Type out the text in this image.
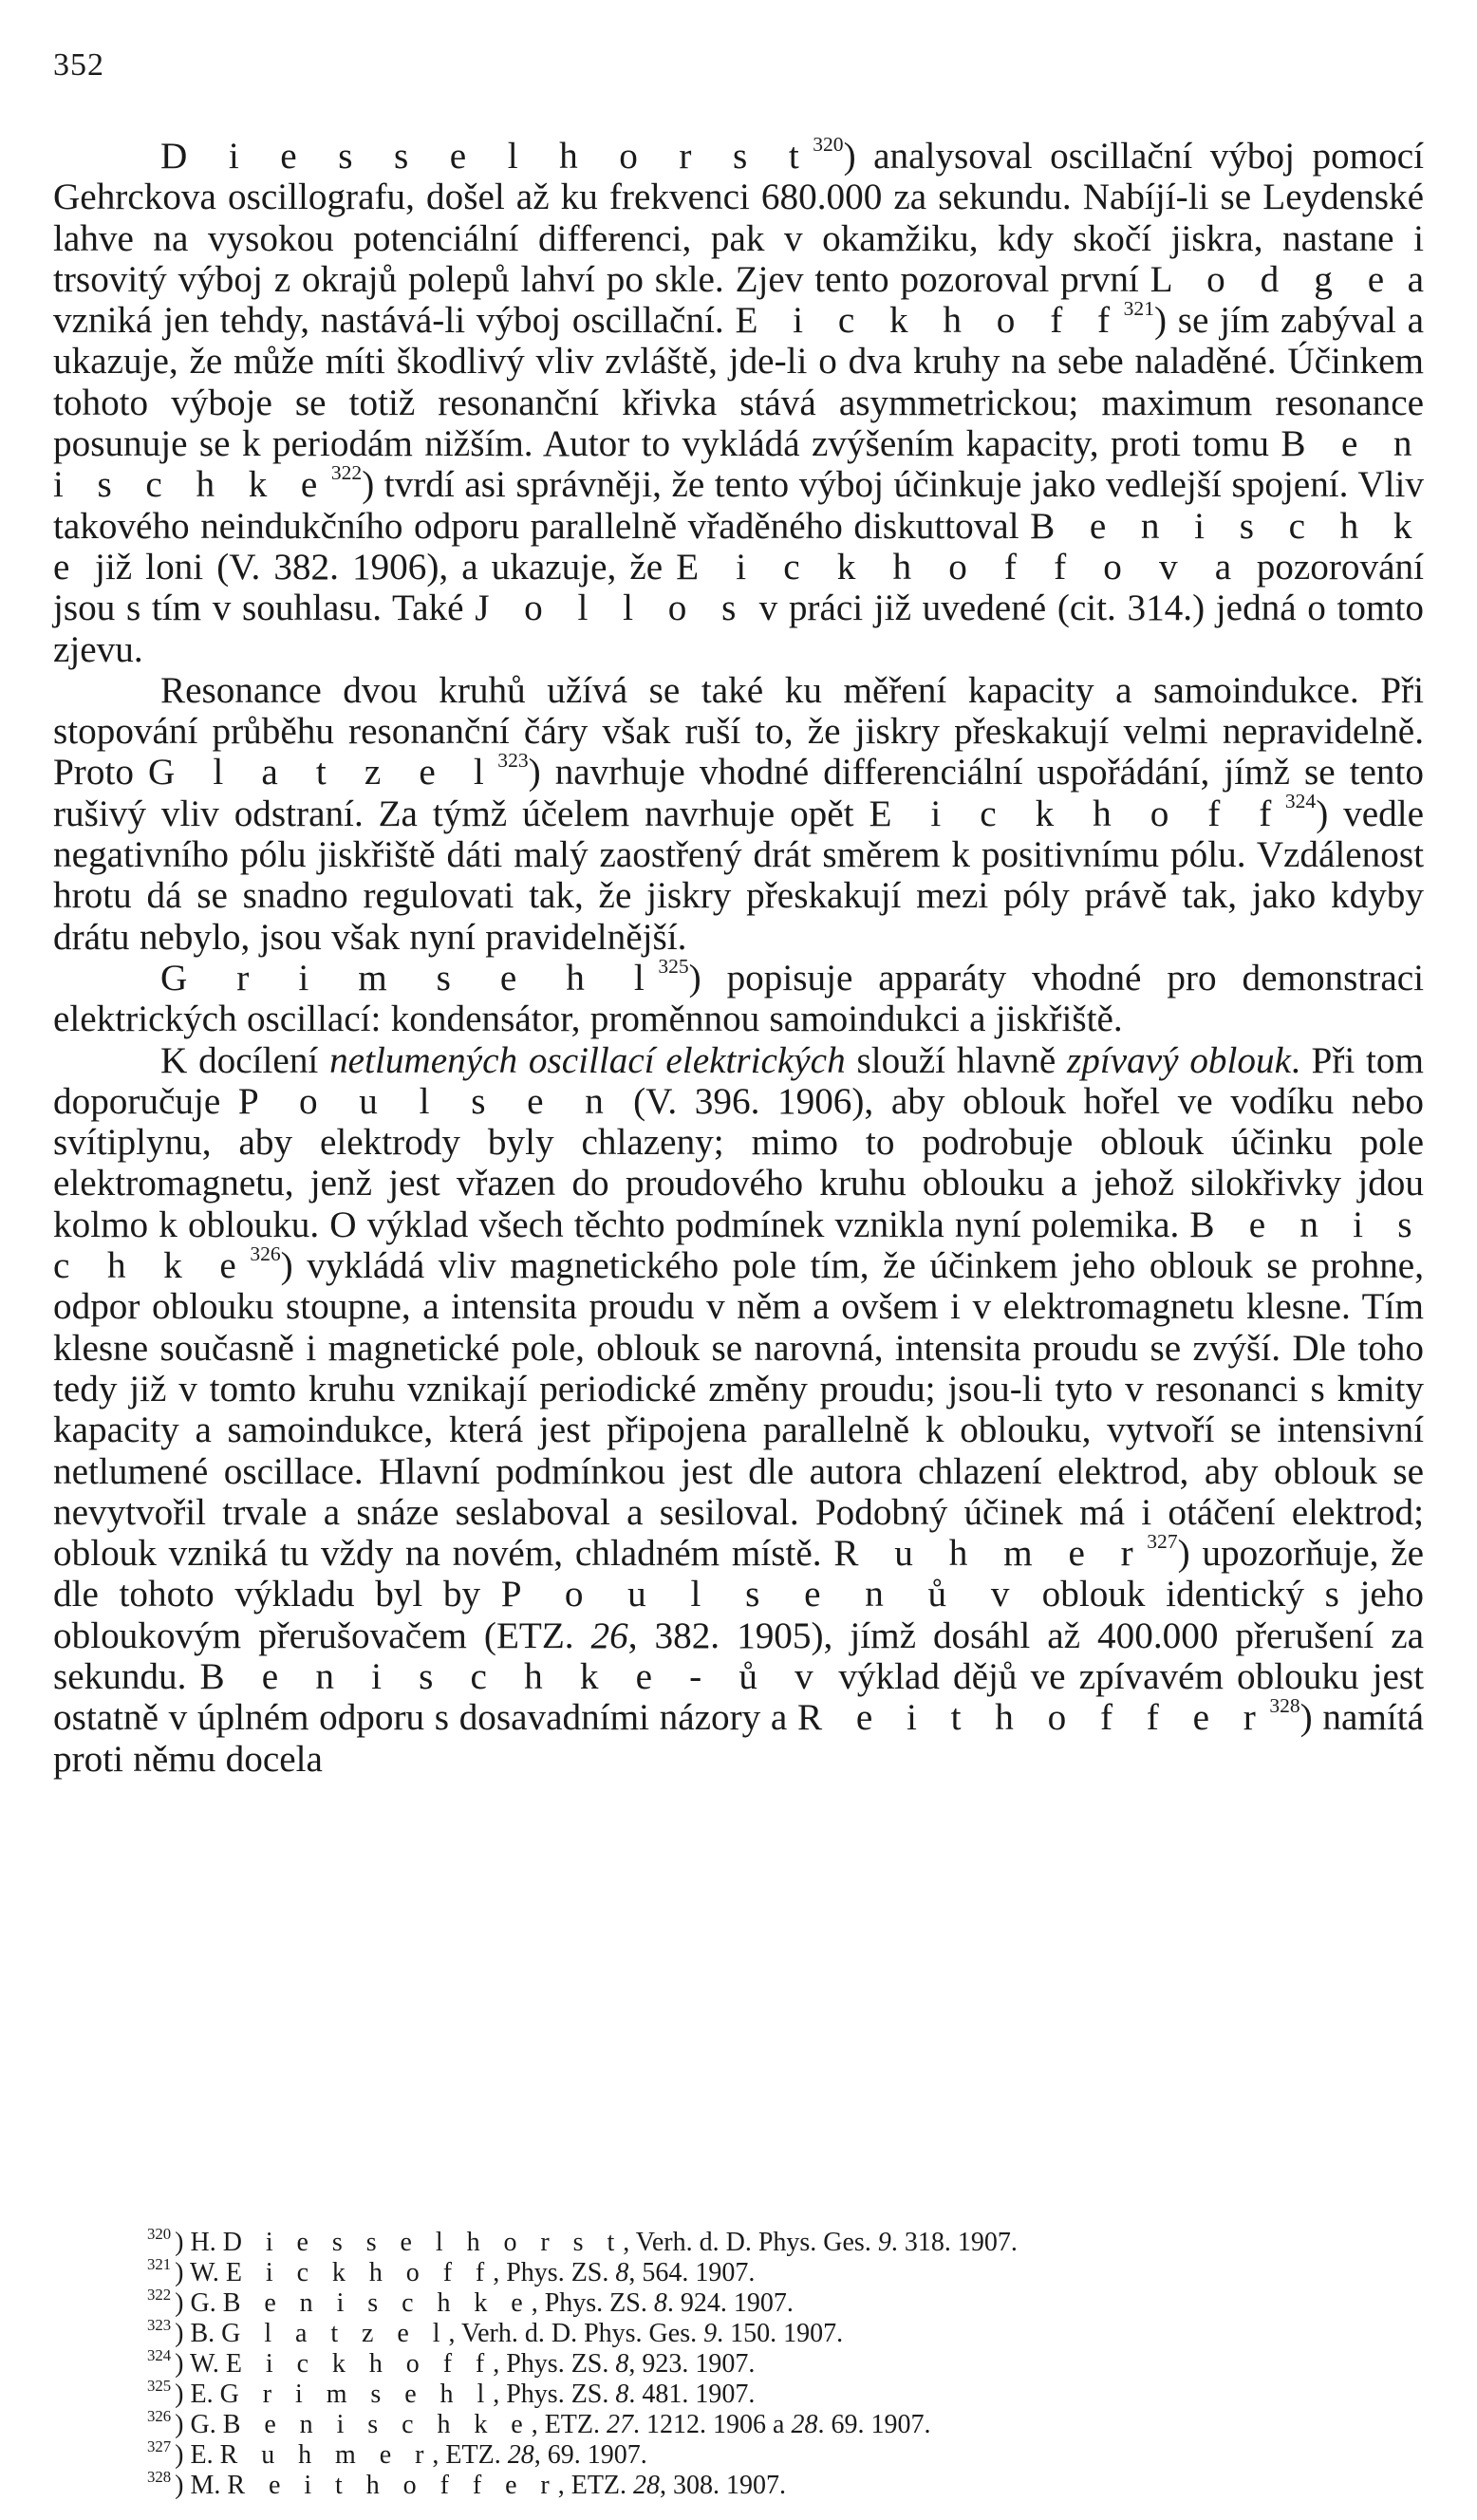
352

D i e s s e l h o r s $t^{320}$) analysoval oscillační výboj pomocí Gehrckova oscillografu, došel až ku frekvenci 680.000 za sekundu. Nabíjí-li se Leydenské lahve na vysokou potenciální differenci, pak v okamžiku, kdy skočí jiskra, nastane i trsovitý výboj z okrajů polepů lahví po skle. Zjev tento pozoroval první L o d g e a vzniká jen tehdy, nastává-li výboj oscillační. E i c k h o f $f^{321}$) se jím zabýval a ukazuje, že může míti škodlivý vliv zvláště, jde-li o dva kruhy na sebe naladěné. Účinkem tohoto výboje se totiž resonanční křivka stává asymmetrickou; maximum resonance posunuje se k periodám nižším. Autor to vykládá zvýšením kapacity, proti tomu B e n i s c h k $e^{322}$) tvrdí asi správněji, že tento výboj účinkuje jako vedlejší spojení. Vliv takového neindukčního odporu parallelně vřaděného diskuttoval B e n i s c h k e již loni (V. 382. 1906), a ukazuje, že E i c k h o f f o v a pozorování jsou s tím v souhlasu. Také J o l l o s v práci již uvedené (cit. 314.) jedná o tomto zjevu.

Resonance dvou kruhů užívá se také ku měření kapacity a samoindukce. Při stopování průběhu resonanční čáry však ruší to, že jiskry přeskakují velmi nepravidelně. Proto G l a t z e $l^{323}$) navrhuje vhodné differenciální uspořádání, jímž se tento rušivý vliv odstraní. Za týmž účelem navrhuje opět E i c k h o f $f^{324}$) vedle negativního pólu jiskřiště dáti malý zaostřený drát směrem k positivnímu pólu. Vzdálenost hrotu dá se snadno regulovati tak, že jiskry přeskakují mezi póly právě tak, jako kdyby drátu nebylo, jsou však nyní pravidelnější.

G r i m s e h $l^{325}$) popisuje apparáty vhodné pro demonstraci elektrických oscillací: kondensátor, proměnnou samoindukci a jiskřiště.

K docílení netlumených oscillací elektrických slouží hlavně zpívavý oblouk. Při tom doporučuje P o u l s e n (V. 396. 1906), aby oblouk hořel ve vodíku nebo svítiplynu, aby elektrody byly chlazeny; mimo to podrobuje oblouk účinku pole elektromagnetu, jenž jest vřazen do proudového kruhu oblouku a jehož silokřivky jdou kolmo k oblouku. O výklad všech těchto podmínek vznikla nyní polemika. B e n i s c h k $e^{326}$) vykládá vliv magnetického pole tím, že účinkem jeho oblouk se prohne, odpor oblouku stoupne, a intensita proudu v něm a ovšem i v elektromagnetu klesne. Tím klesne současně i magnetické pole, oblouk se narovná, intensita proudu se zvýší. Dle toho tedy již v tomto kruhu vznikají periodické změny proudu; jsou-li tyto v resonanci s kmity kapacity a samoindukce, která jest připojena parallelně k oblouku, vytvoří se intensivní netlumené oscillace. Hlavní podmínkou jest dle autora chlazení elektrod, aby oblouk se nevytvořil trvale a snáze seslaboval a sesiloval. Podobný účinek má i otáčení elektrod; oblouk vzniká tu vždy na novém, chladném místě. R u h m e $r^{327}$) upozorňuje, že dle tohoto výkladu byl by P o u l s e n ů v oblouk identický s jeho obloukovým přerušovačem (ETZ. 26, 382. 1905), jímž dosáhl až 400.000 přerušení za sekundu. B e n i s c h k e - ů v výklad dějů ve zpívavém oblouku jest ostatně v úplném odporu s dosavadními názory a R e i t h o f f e $r^{328}$) namítá proti němu docela

$^{320}$ ) H. D i e s s e l h o r s t, Verh. d. D. Phys. Ges. 9. 318. 1907.
$^{321}$ ) W. E i c k h o f f, Phys. ZS. 8, 564. 1907.
$^{322}$ ) G. B e n i s c h k e, Phys. ZS. 8. 924. 1907.
$^{323}$ ) B. G l a t z e l, Verh. d. D. Phys. Ges. 9. 150. 1907.
$^{324}$ ) W. E i c k h o f f, Phys. ZS. 8, 923. 1907.
$^{325}$ ) E. G r i m s e h l, Phys. ZS. 8. 481. 1907.
$^{326}$ ) G. B e n i s c h k e, ETZ. 27. 1212. 1906 a 28. 69. 1907.
$^{327}$ ) E. R u h m e r, ETZ. 28, 69. 1907.
$^{328}$ ) M. R e i t h o f f e r, ETZ. 28, 308. 1907.
